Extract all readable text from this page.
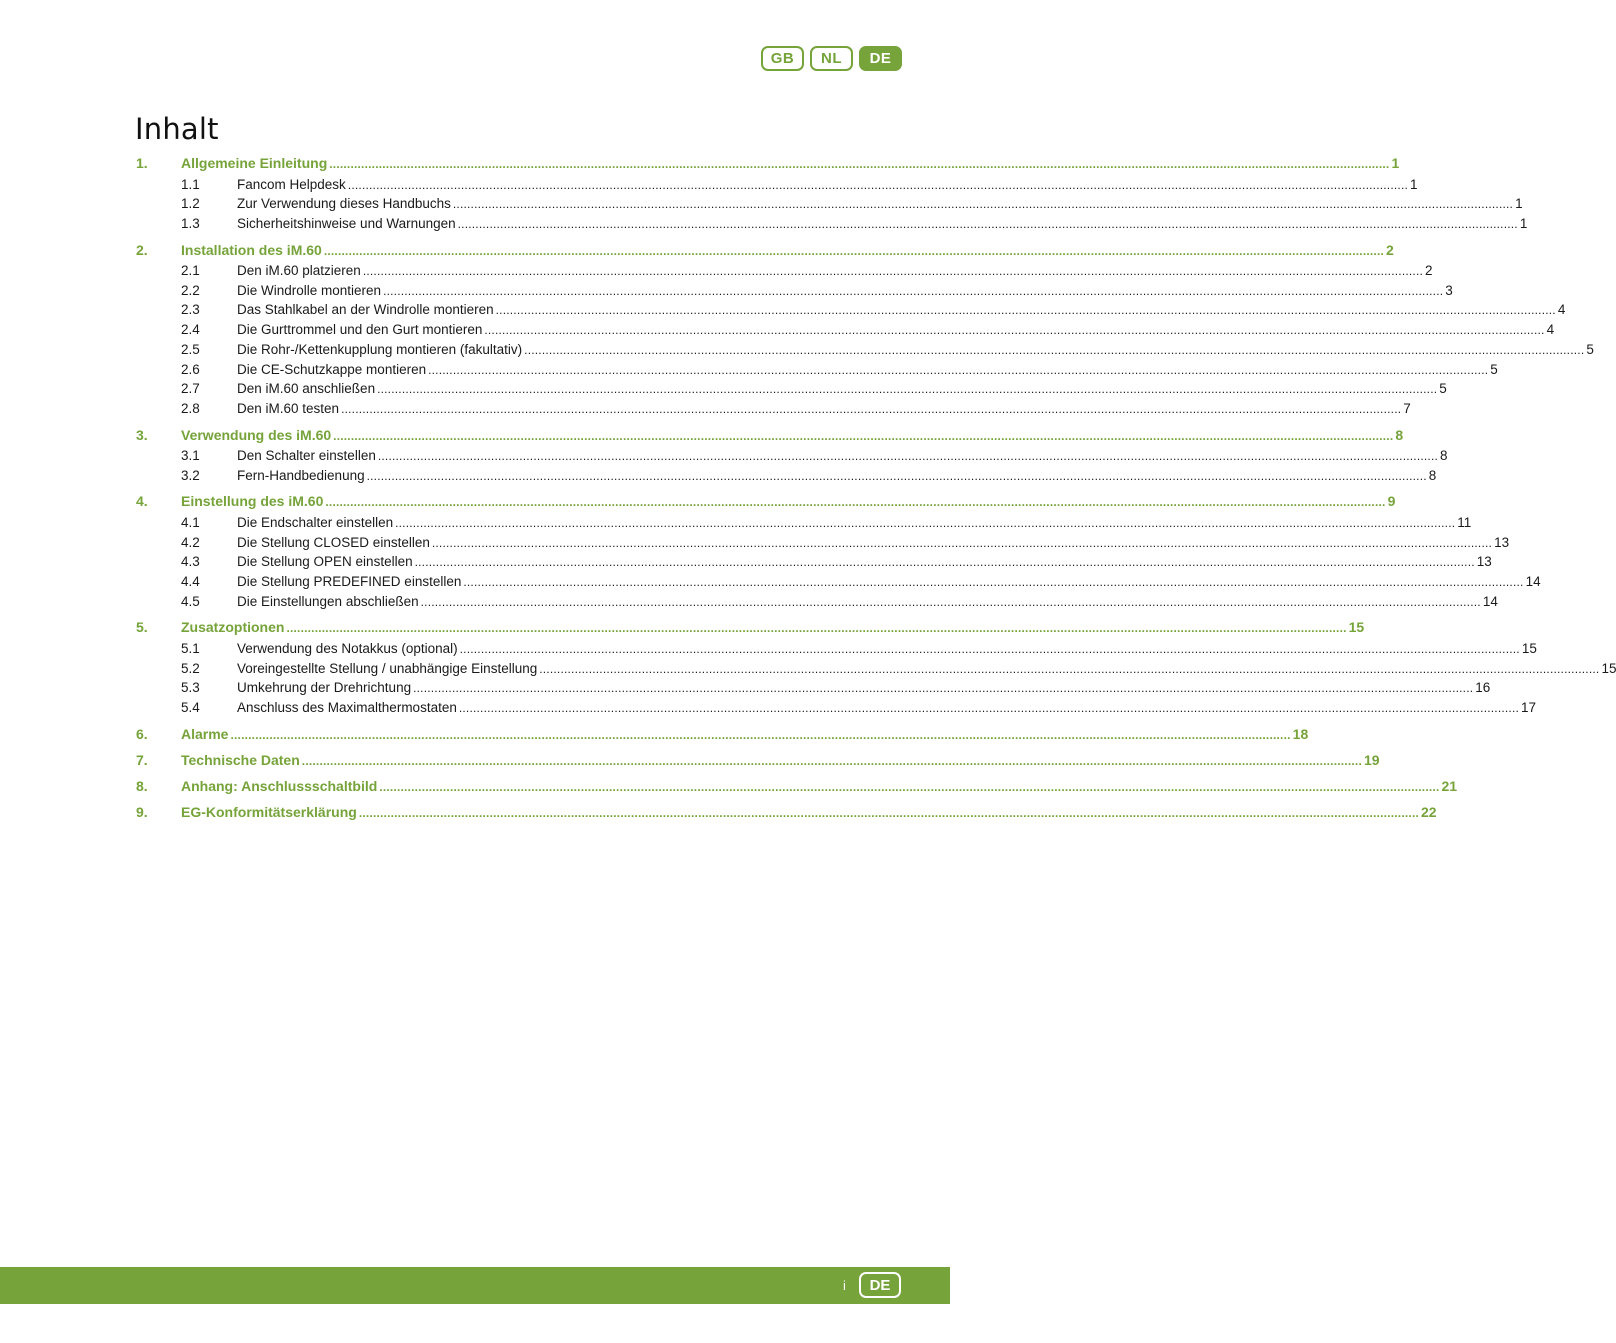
GB	NL	DE
Inhalt
1.	Allgemeine Einleitung ............................................................................................................................................................................................................................................................................................................ 1
1.1	Fancom Helpdesk ............................................................................................................................................................................................................................................................................................................ 1
1.2	Zur Verwendung dieses Handbuchs ............................................................................................................................................................................................................................................................................................................ 1
1.3	Sicherheitshinweise und Warnungen ............................................................................................................................................................................................................................................................................................................ 1
2.	Installation des iM.60 ............................................................................................................................................................................................................................................................................................................ 2
2.1	Den iM.60 platzieren ............................................................................................................................................................................................................................................................................................................ 2
2.2	Die Windrolle montieren ............................................................................................................................................................................................................................................................................................................ 3
2.3	Das Stahlkabel an der Windrolle montieren ............................................................................................................................................................................................................................................................................................................ 4
2.4	Die Gurttrommel und den Gurt montieren ............................................................................................................................................................................................................................................................................................................ 4
2.5	Die Rohr-/Kettenkupplung montieren (fakultativ) ............................................................................................................................................................................................................................................................................................................ 5
2.6	Die CE-Schutzkappe montieren ............................................................................................................................................................................................................................................................................................................ 5
2.7	Den iM.60 anschließen ............................................................................................................................................................................................................................................................................................................ 5
2.8	Den iM.60 testen ............................................................................................................................................................................................................................................................................................................ 7
3.	Verwendung des iM.60 ............................................................................................................................................................................................................................................................................................................ 8
3.1	Den Schalter einstellen ............................................................................................................................................................................................................................................................................................................ 8
3.2	Fern-Handbedienung ............................................................................................................................................................................................................................................................................................................ 8
4.	Einstellung des iM.60 ............................................................................................................................................................................................................................................................................................................ 9
4.1	Die Endschalter einstellen ............................................................................................................................................................................................................................................................................................................ 11
4.2	Die Stellung CLOSED einstellen ............................................................................................................................................................................................................................................................................................................ 13
4.3	Die Stellung OPEN einstellen ............................................................................................................................................................................................................................................................................................................ 13
4.4	Die Stellung PREDEFINED einstellen ............................................................................................................................................................................................................................................................................................................ 14
4.5	Die Einstellungen abschließen ............................................................................................................................................................................................................................................................................................................ 14
5.	Zusatzoptionen ............................................................................................................................................................................................................................................................................................................ 15
5.1	Verwendung des Notakkus (optional) ............................................................................................................................................................................................................................................................................................................ 15
5.2	Voreingestellte Stellung / unabhängige Einstellung ............................................................................................................................................................................................................................................................................................................ 15
5.3	Umkehrung der Drehrichtung ............................................................................................................................................................................................................................................................................................................ 16
5.4	Anschluss des Maximalthermostaten ............................................................................................................................................................................................................................................................................................................ 17
6.	Alarme ............................................................................................................................................................................................................................................................................................................ 18
7.	Technische Daten ............................................................................................................................................................................................................................................................................................................ 19
8.	Anhang: Anschlussschaltbild ............................................................................................................................................................................................................................................................................................................ 21
9.	EG-Konformitätserklärung ............................................................................................................................................................................................................................................................................................................ 22
i	DE
